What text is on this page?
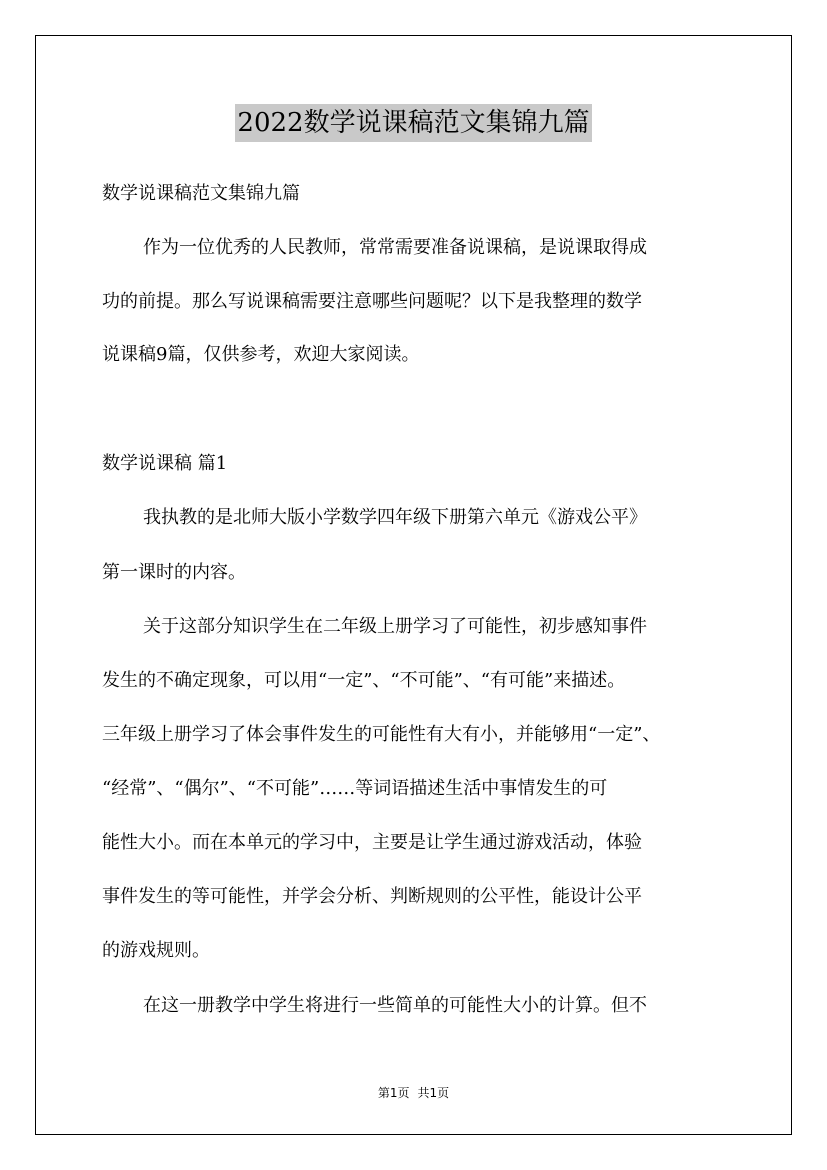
2022数学说课稿范文集锦九篇
数学说课稿范文集锦九篇
作为一位优秀的人民教师，常常需要准备说课稿，是说课取得成
功的前提。那么写说课稿需要注意哪些问题呢？以下是我整理的数学
说课稿9篇，仅供参考，欢迎大家阅读。
数学说课稿 篇1
我执教的是北师大版小学数学四年级下册第六单元《游戏公平》
第一课时的内容。
关于这部分知识学生在二年级上册学习了可能性，初步感知事件
发生的不确定现象，可以用“一定”、“不可能”、“有可能”来描述。
三年级上册学习了体会事件发生的可能性有大有小，并能够用“一定”、
“经常”、“偶尔”、“不可能”……等词语描述生活中事情发生的可
能性大小。而在本单元的学习中，主要是让学生通过游戏活动，体验
事件发生的等可能性，并学会分析、判断规则的公平性，能设计公平
的游戏规则。
在这一册教学中学生将进行一些简单的可能性大小的计算。但不
第1页 共1页
